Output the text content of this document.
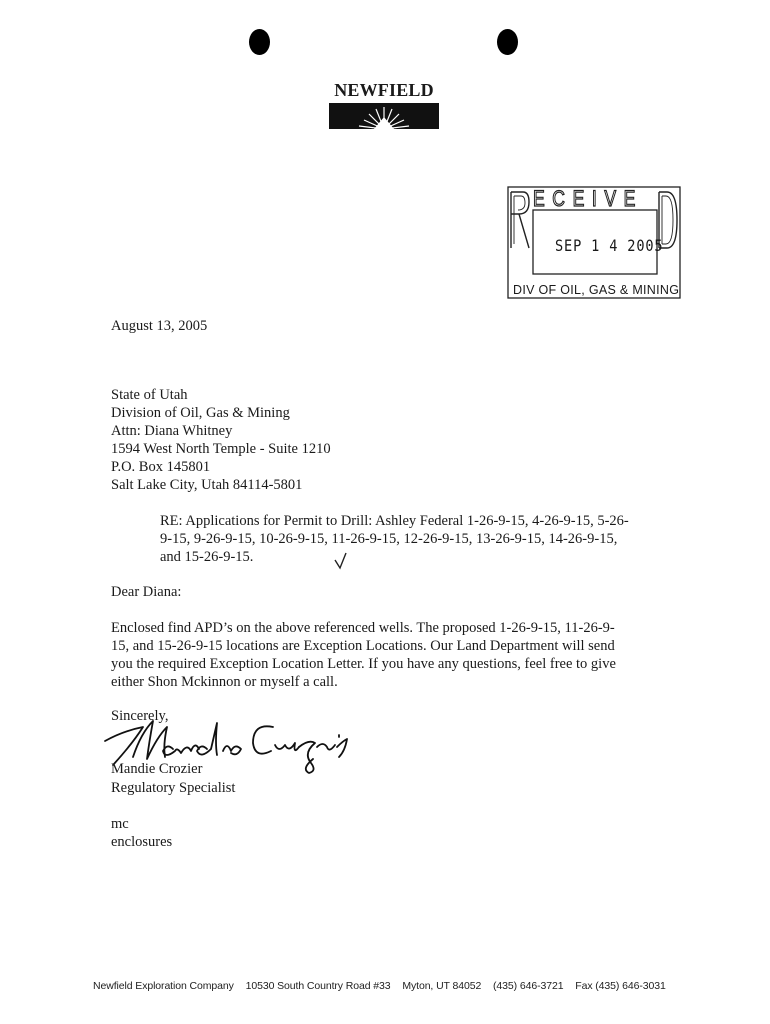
NEWFIELD
E C E I V E
SEP 1 4 2005
DIV OF OIL, GAS & MINING
August 13, 2005
State of Utah
Division of Oil, Gas & Mining
Attn: Diana Whitney
1594 West North Temple - Suite 1210
P.O. Box 145801
Salt Lake City, Utah 84114-5801
RE: Applications for Permit to Drill: Ashley Federal 1-26-9-15, 4-26-9-15, 5-26-
9-15, 9-26-9-15, 10-26-9-15, 11-26-9-15, 12-26-9-15, 13-26-9-15, 14-26-9-15,
and 15-26-9-15.
Dear Diana:
Enclosed find APD’s on the above referenced wells. The proposed 1-26-9-15, 11-26-9-
15, and 15-26-9-15 locations are Exception Locations. Our Land Department will send
you the required Exception Location Letter. If you have any questions, feel free to give
either Shon Mckinnon or myself a call.
Sincerely,
Mandie Crozier
Regulatory Specialist
mc
enclosures
Newfield Exploration Company 10530 South Country Road #33 Myton, UT 84052 (435) 646-3721 Fax (435) 646-3031
